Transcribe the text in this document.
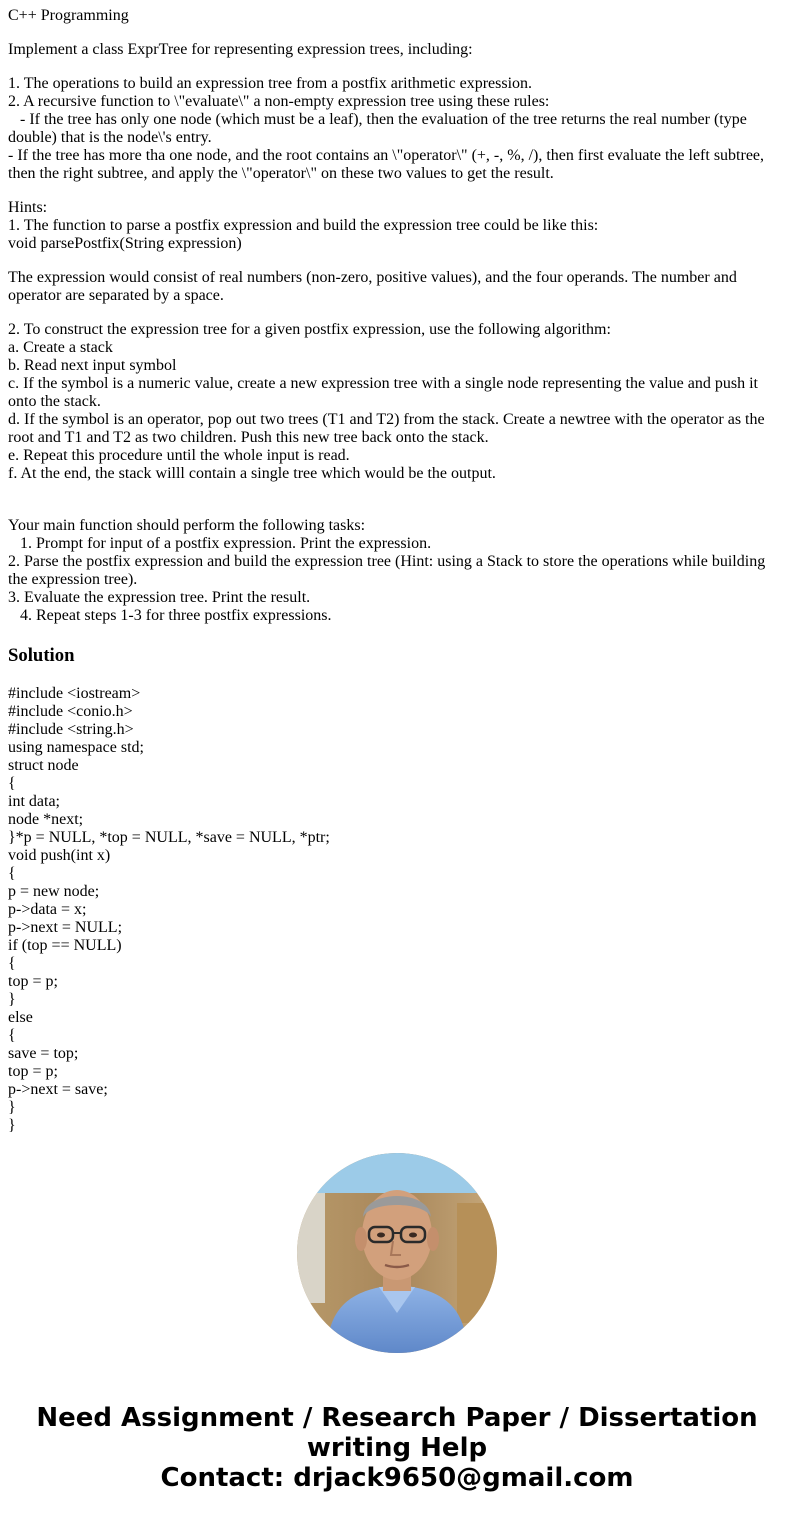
C++ Programming
Implement a class ExprTree for representing expression trees, including:
1. The operations to build an expression tree from a postfix arithmetic expression.
2. A recursive function to \"evaluate\" a non-empty expression tree using these rules:
- If the tree has only one node (which must be a leaf), then the evaluation of the tree returns the real number (type double) that is the node\'s entry.
- If the tree has more tha one node, and the root contains an \"operator\" (+, -, %, /), then first evaluate the left subtree, then the right subtree, and apply the \"operator\" on these two values to get the result.
Hints:
1. The function to parse a postfix expression and build the expression tree could be like this:
void parsePostfix(String expression)
The expression would consist of real numbers (non-zero, positive values), and the four operands. The number and operator are separated by a space.
2. To construct the expression tree for a given postfix expression, use the following algorithm:
a. Create a stack
b. Read next input symbol
c. If the symbol is a numeric value, create a new expression tree with a single node representing the value and push it onto the stack.
d. If the symbol is an operator, pop out two trees (T1 and T2) from the stack. Create a newtree with the operator as the root and T1 and T2 as two children. Push this new tree back onto the stack.
e. Repeat this procedure until the whole input is read.
f. At the end, the stack willl contain a single tree which would be the output.
Your main function should perform the following tasks:
1. Prompt for input of a postfix expression. Print the expression.
2. Parse the postfix expression and build the expression tree (Hint: using a Stack to store the operations while building the expression tree).
3. Evaluate the expression tree. Print the result.
4. Repeat steps 1-3 for three postfix expressions.
Solution
#include <iostream>
#include <conio.h>
#include <string.h>
using namespace std;
struct node
{
int data;
node *next;
}*p = NULL, *top = NULL, *save = NULL, *ptr;
void push(int x)
{
p = new node;
p->data = x;
p->next = NULL;
if (top == NULL)
{
top = p;
}
else
{
save = top;
top = p;
p->next = save;
}
}
Need Assignment / Research Paper / Dissertation
writing Help
Contact: drjack9650@gmail.com
